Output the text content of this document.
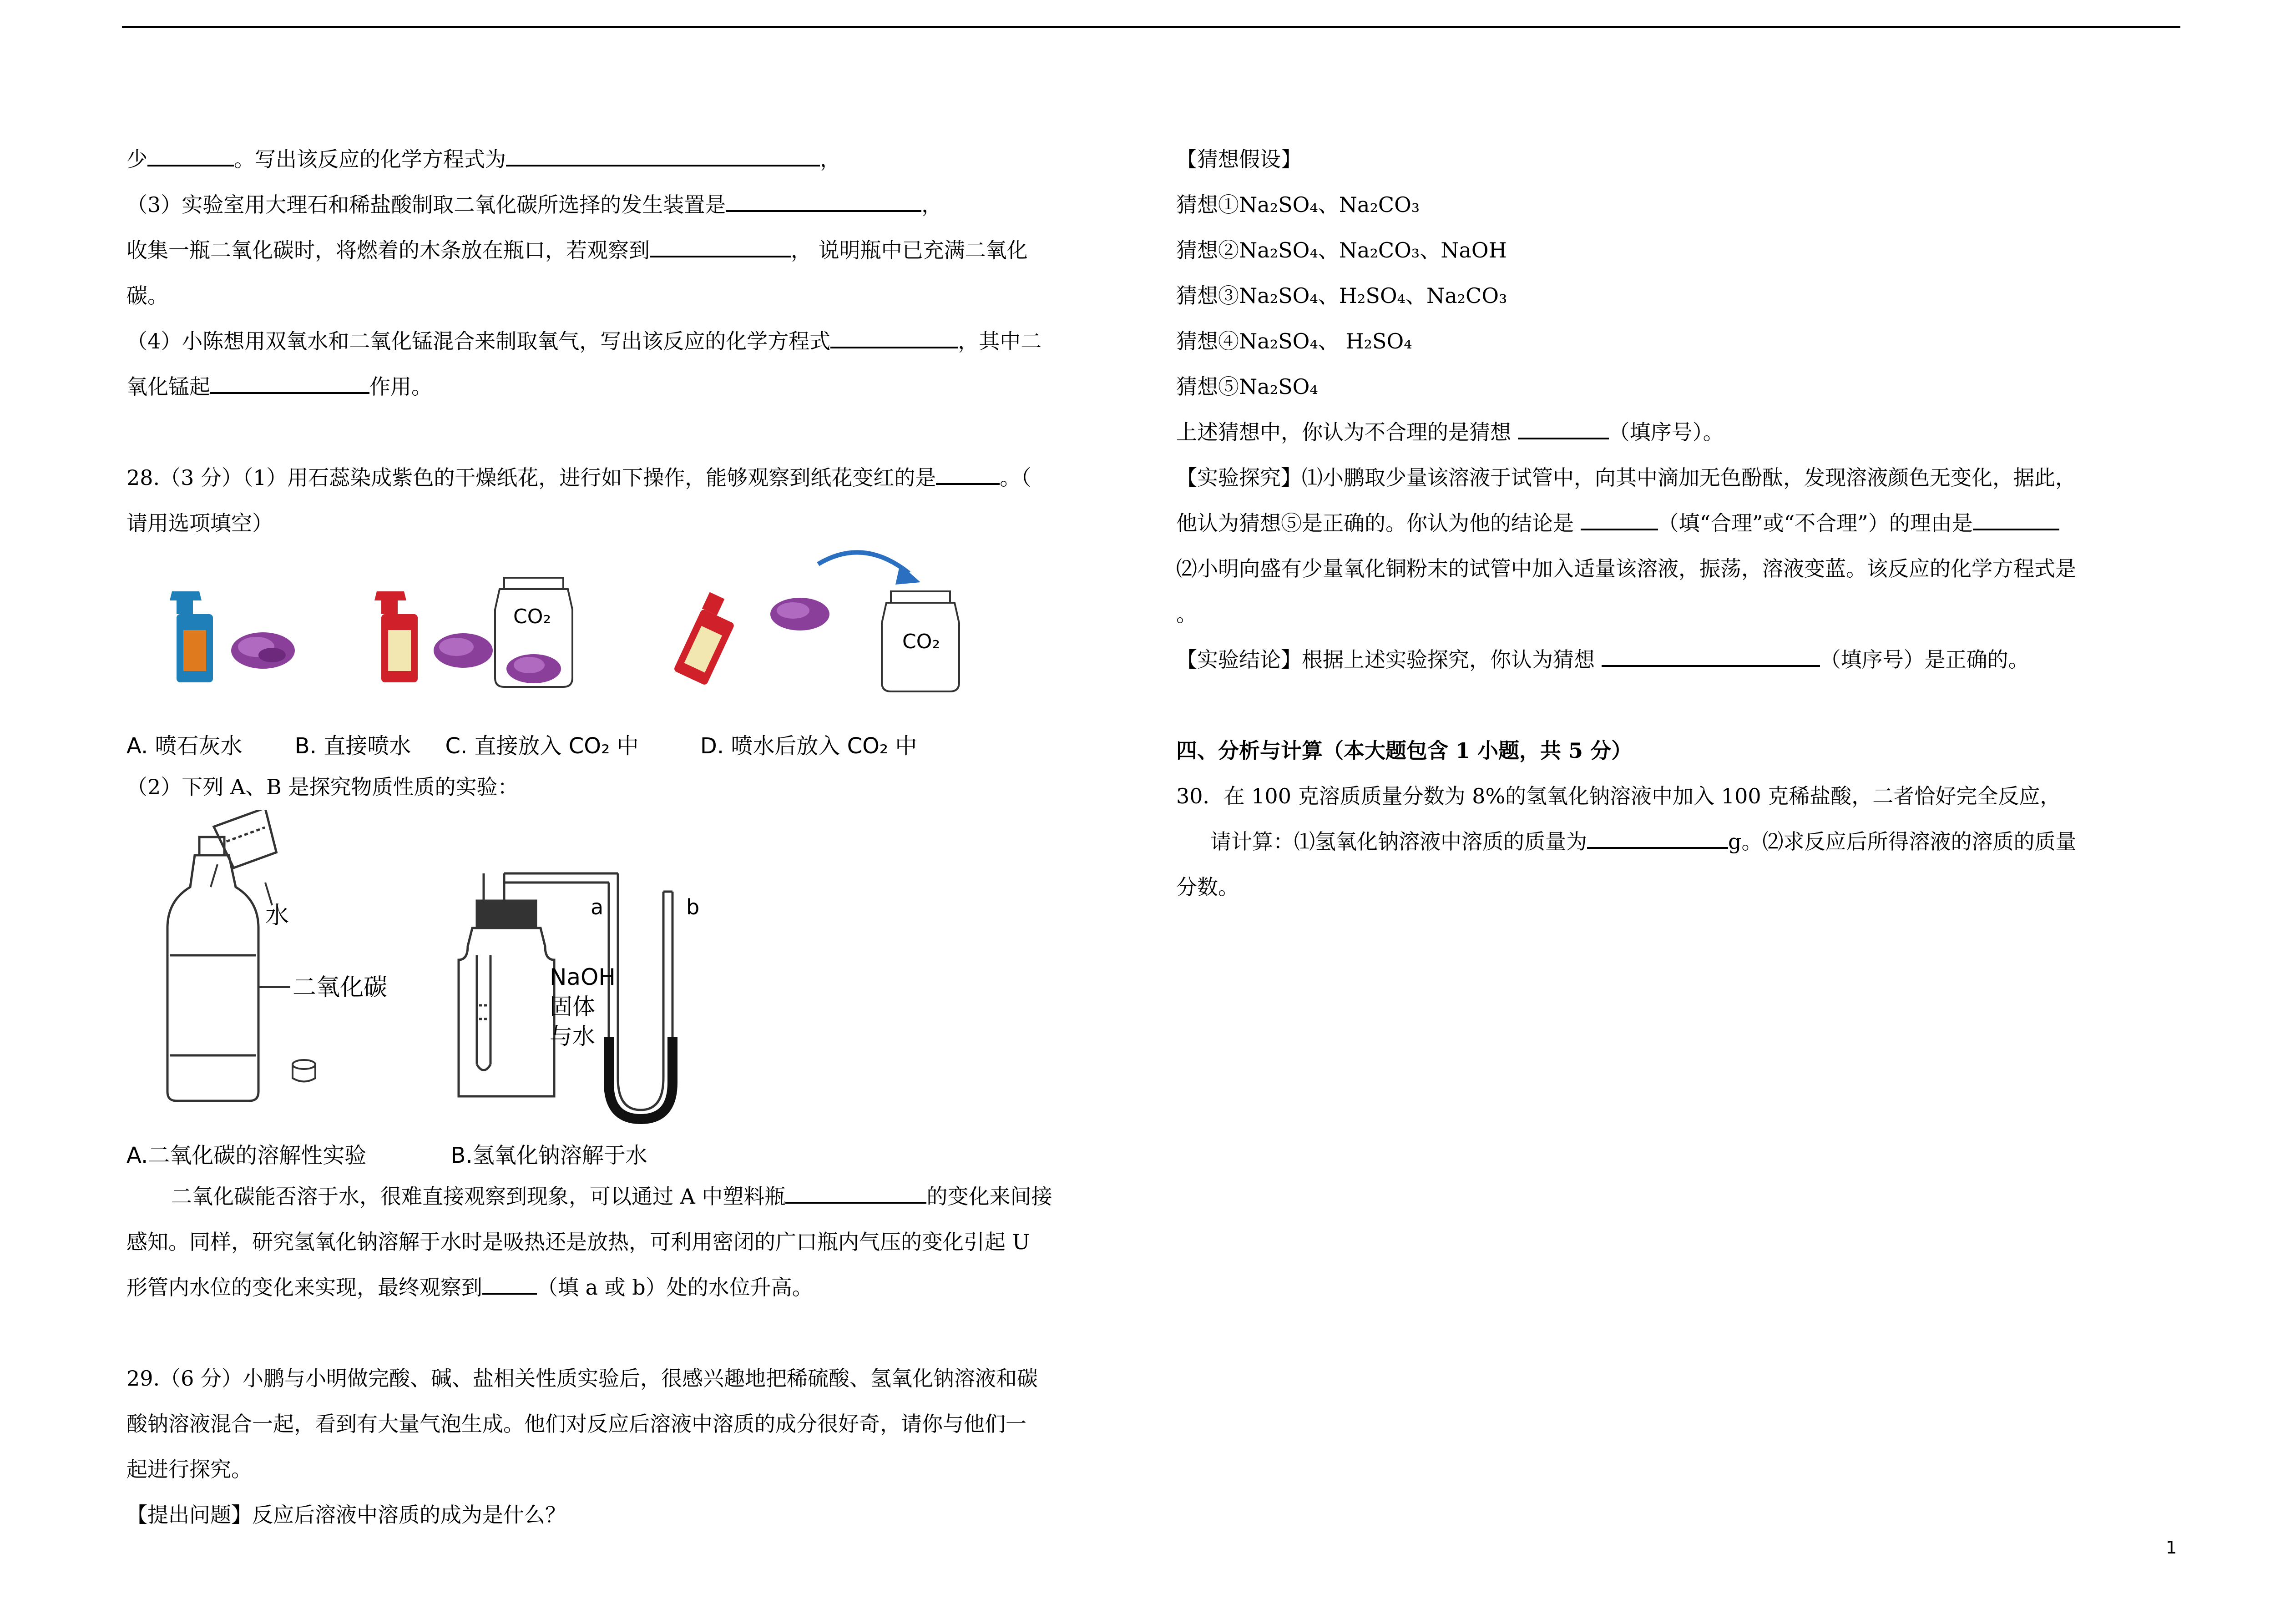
少	。写出该反应的化学方程式为	，
（3）实验室用大理石和稀盐酸制取二氧化碳所选择的发生装置是	，
收集一瓶二氧化碳时，将燃着的木条放在瓶口，若观察到	， 说明瓶中已充满二氧化
碳。
（4）小陈想用双氧水和二氧化锰混合来制取氧气，写出该反应的化学方程式	，其中二
氧化锰起	作用。
28.（3 分）（1）用石蕊染成紫色的干燥纸花，进行如下操作，能够观察到纸花变红的是	。（
请用选项填空）
CO₂
CO₂
A. 喷石灰水 B. 直接喷水 C. 直接放入 CO₂ 中	D. 喷水后放入 CO₂ 中
（2）下列 A、B 是探究物质性质的实验：
水
二氧化碳
a	b
NaOH
固体
与水
A.二氧化碳的溶解性实验	B.氢氧化钠溶解于水
二氧化碳能否溶于水，很难直接观察到现象，可以通过 A 中塑料瓶	的变化来间接
感知。同样，研究氢氧化钠溶解于水时是吸热还是放热，可利用密闭的广口瓶内气压的变化引起 U
形管内水位的变化来实现，最终观察到	（填 a 或 b）处的水位升高。
29.（6 分）小鹏与小明做完酸、碱、盐相关性质实验后，很感兴趣地把稀硫酸、氢氧化钠溶液和碳
酸钠溶液混合一起，看到有大量气泡生成。他们对反应后溶液中溶质的成分很好奇，请你与他们一
起进行探究。
【提出问题】反应后溶液中溶质的成为是什么？
【猜想假设】
猜想①Na₂SO₄、Na₂CO₃
猜想②Na₂SO₄、Na₂CO₃、NaOH
猜想③Na₂SO₄、H₂SO₄、Na₂CO₃
猜想④Na₂SO₄、 H₂SO₄
猜想⑤Na₂SO₄
上述猜想中，你认为不合理的是猜想	（填序号）。
【实验探究】⑴小鹏取少量该溶液于试管中，向其中滴加无色酚酞，发现溶液颜色无变化，据此，
他认为猜想⑤是正确的。你认为他的结论是	（填“合理”或“不合理”）的理由是
⑵小明向盛有少量氧化铜粉末的试管中加入适量该溶液，振荡，溶液变蓝。该反应的化学方程式是
。
【实验结论】根据上述实验探究，你认为猜想	（填序号）是正确的。
四、分析与计算（本大题包含 1 小题，共 5 分）
30．在 100 克溶质质量分数为 8%的氢氧化钠溶液中加入 100 克稀盐酸，二者恰好完全反应，
请计算：⑴氢氧化钠溶液中溶质的质量为	g。⑵求反应后所得溶液的溶质的质量
分数。
1
